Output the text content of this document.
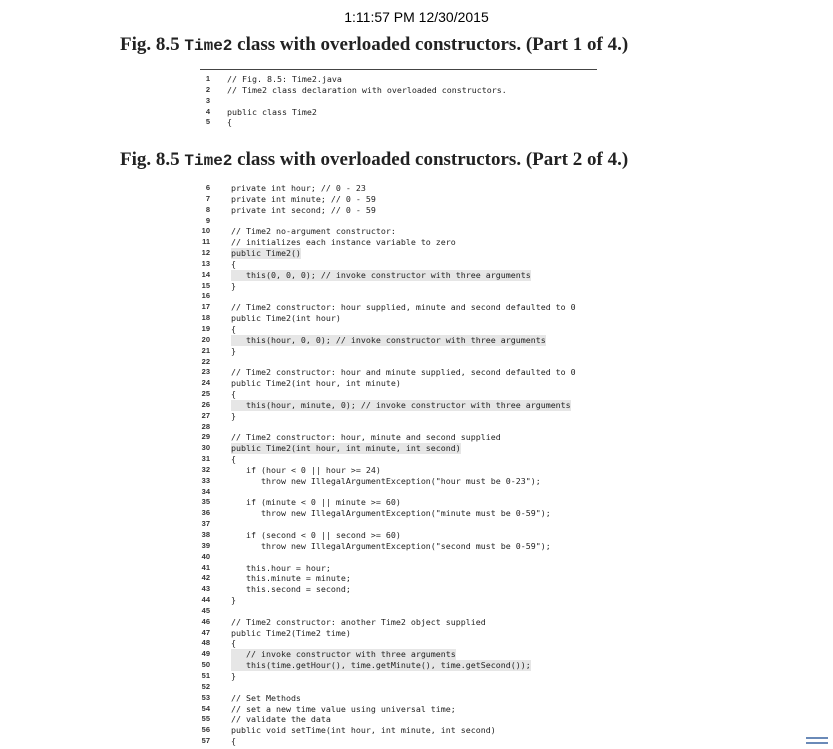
1:11:57 PM 12/30/2015
Fig. 8.5 Time2 class with overloaded constructors. (Part 1 of 4.)
1 // Fig. 8.5: Time2.java
2 // Time2 class declaration with overloaded constructors.
3
4 public class Time2
5 {
Fig. 8.5 Time2 class with overloaded constructors. (Part 2 of 4.)
6	private int hour; // 0 - 23
7	private int minute; // 0 - 59
8	private int second; // 0 - 59
9
10	// Time2 no-argument constructor:
11	// initializes each instance variable to zero
12	public Time2()
13	{
14	this(0, 0, 0); // invoke constructor with three arguments
15	}
16
17	// Time2 constructor: hour supplied, minute and second defaulted to 0
18	public Time2(int hour)
19	{
20	this(hour, 0, 0); // invoke constructor with three arguments
21	}
22
23	// Time2 constructor: hour and minute supplied, second defaulted to 0
24	public Time2(int hour, int minute)
25	{
26	this(hour, minute, 0); // invoke constructor with three arguments
27	}
28
29	// Time2 constructor: hour, minute and second supplied
30	public Time2(int hour, int minute, int second)
31	{
32	if (hour < 0 || hour >= 24)
33	throw new IllegalArgumentException("hour must be 0-23");
34
35	if (minute < 0 || minute >= 60)
36	throw new IllegalArgumentException("minute must be 0-59");
37
38	if (second < 0 || second >= 60)
39	throw new IllegalArgumentException("second must be 0-59");
40
41	this.hour = hour;
42	this.minute = minute;
43	this.second = second;
44	}
45
46	// Time2 constructor: another Time2 object supplied
47	public Time2(Time2 time)
48	{
49	// invoke constructor with three arguments
50	this(time.getHour(), time.getMinute(), time.getSecond());
51	}
52
53	// Set Methods
54	// set a new time value using universal time;
55	// validate the data
56	public void setTime(int hour, int minute, int second)
57	{
